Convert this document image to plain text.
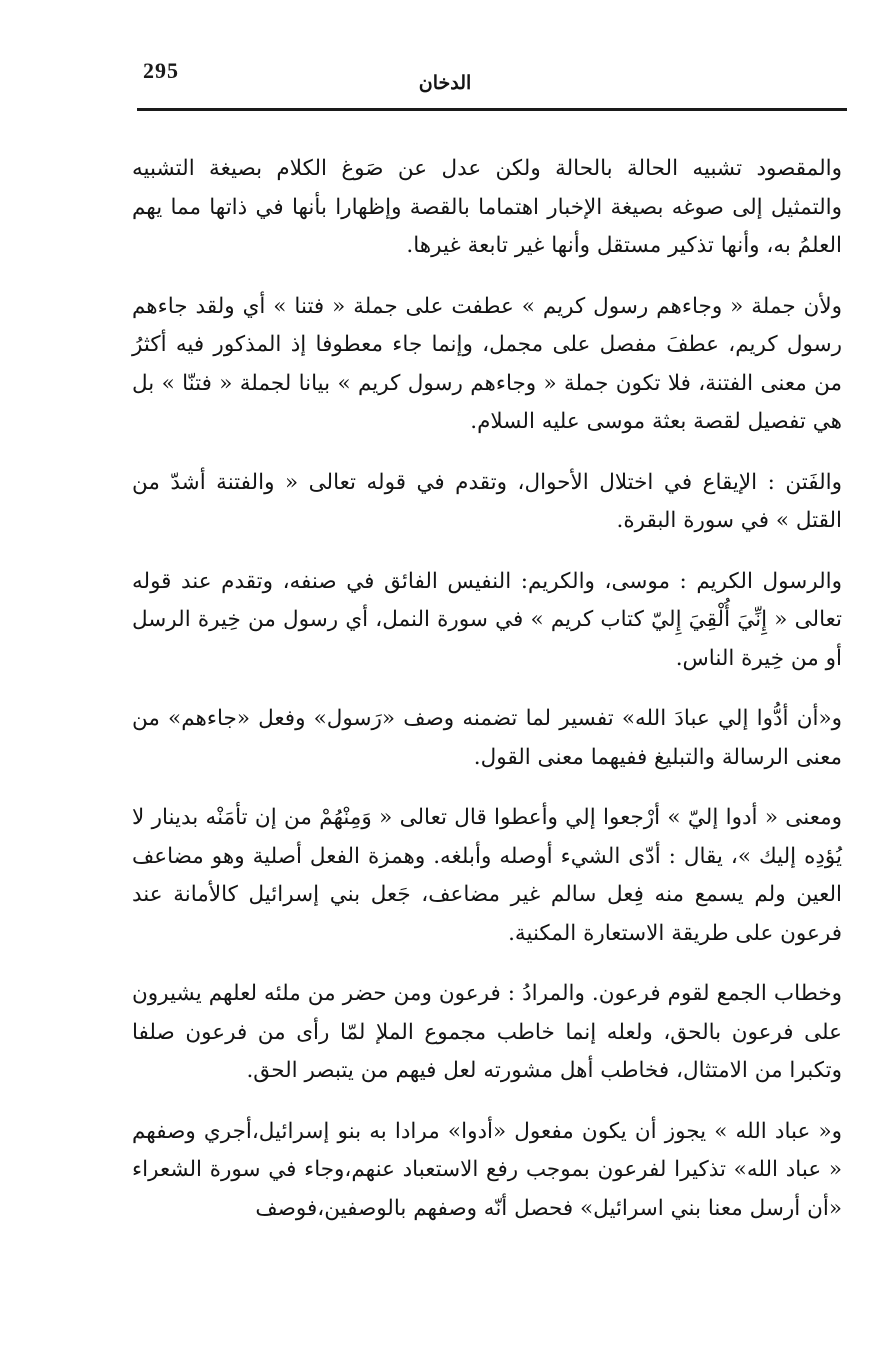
295	الدخان

والمقصود تشبيه الحالة بالحالة ولكن عدل عن صَوغ الكلام بصيغة التشبيه والتمثيل إلى صوغه بصيغة الإخبار اهتماما بالقصة وإظهارا بأنها في ذاتها مما يهم العلمُ به، وأنها تذكير مستقل وأنها غير تابعة غيرها.

ولأن جملة « وجاءهم رسول كريم » عطفت على جملة « فتنا » أي ولقد جاءهم رسول كريم، عطفَ مفصل على مجمل، وإنما جاء معطوفا إذ المذكور فيه أكثرُ من معنى الفتنة، فلا تكون جملة « وجاءهم رسول كريم » بيانا لجملة « فتنّا » بل هي تفصيل لقصة بعثة موسى عليه السلام.

والفَتن : الإيقاع في اختلال الأحوال، وتقدم في قوله تعالى « والفتنة أشدّ من القتل » في سورة البقرة.

والرسول الكريم : موسى، والكريم: النفيس الفائق في صنفه، وتقدم عند قوله تعالى « إِنِّيَ أُلْقِيَ إِليّ كتاب كريم » في سورة النمل، أي رسول من خِيرة الرسل أو من خِيرة الناس.

و«أن أدُّوا إلي عبادَ الله» تفسير لما تضمنه وصف «رَسول» وفعل «جاءهم» من معنى الرسالة والتبليغ ففيهما معنى القول.

ومعنى « أدوا إليّ » أرْجعوا إلي وأعطوا قال تعالى « وَمِنْهُمْ من إن تأمَنْه بدينار لا يُؤدِه إليك »، يقال : أدّى الشيء أوصله وأبلغه. وهمزة الفعل أصلية وهو مضاعف العين ولم يسمع منه فِعل سالم غير مضاعف، جَعل بني إسرائيل كالأمانة عند فرعون على طريقة الاستعارة المكنية.

وخطاب الجمع لقوم فرعون. والمرادُ : فرعون ومن حضر من ملئه لعلهم يشيرون على فرعون بالحق، ولعله إنما خاطب مجموع الملإ لمّا رأى من فرعون صلفا وتكبرا من الامتثال، فخاطب أهل مشورته لعل فيهم من يتبصر الحق.

و« عباد الله » يجوز أن يكون مفعول «أدوا» مرادا به بنو إسرائيل،أجري وصفهم « عباد الله» تذكيرا لفرعون بموجب رفع الاستعباد عنهم،وجاء في سورة الشعراء «أن أرسل معنا بني اسرائيل» فحصل أنّه وصفهم بالوصفين،فوصف
